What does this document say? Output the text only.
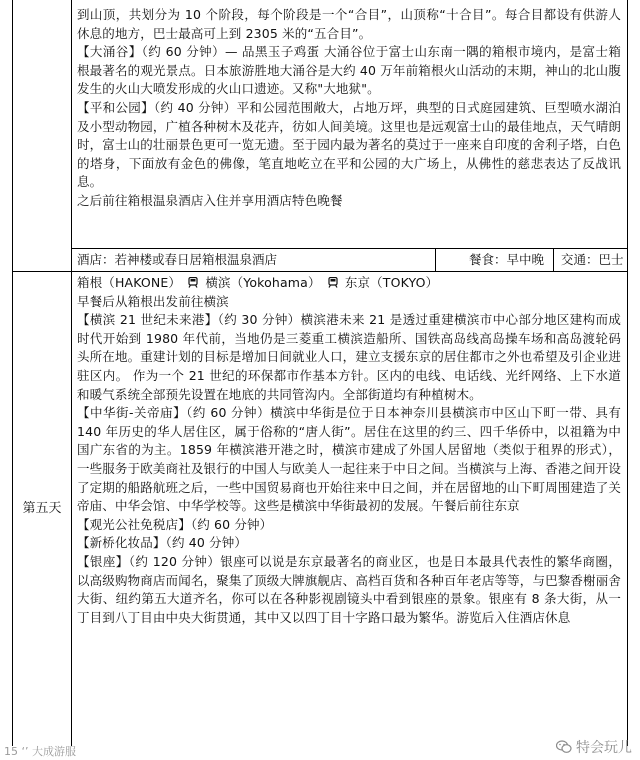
到山顶，共划分为 10 个阶段，每个阶段是一个“合目”，山顶称“十合目”。每合目都设有供游人休息的地方，巴士最高可上到 2305 米的“五合目”。

【大涌谷】（约 60 分钟）— 品黑玉子鸡蛋 大涌谷位于富士山东南一隅的箱根市境内，是富士箱根最著名的观光景点。日本旅游胜地大涌谷是大约 40 万年前箱根火山活动的末期，神山的北山腹发生的火山大喷发形成的火山口遗迹。又称"大地狱"。

【平和公园】（约 40 分钟）平和公园范围敞大，占地万坪，典型的日式庭园建筑、巨型喷水湖泊及小型动物园，广植各种树木及花卉，彷如人间美境。这里也是远观富士山的最佳地点，天气晴朗时，富士山的壮丽景色更可一览无遗。至于园内最为著名的莫过于一座来自印度的舍利子塔，白色的塔身，下面放有金色的佛像，笔直地屹立在平和公园的大广场上，从佛性的慈悲表达了反战讯息。

之后前往箱根温泉酒店入住并享用酒店特色晚餐

酒店：若神楼或春日居箱根温泉酒店	餐食：早中晚 交通：巴士
第五天

箱根（HAKONE） 横滨（Yokohama） 东京（TOKYO）

早餐后从箱根出发前往横滨

【横滨 21 世纪未来港】（约 30 分钟）横滨港未来 21 是透过重建横滨市中心部分地区建构而成时代开始到 1980 年代前，当地仍是三菱重工横滨造船所、国铁高岛线高岛操车场和高岛渡轮码头所在地。重建计划的目标是增加日间就业人口，建立支援东京的居住都市之外也希望及引企业进驻区内。 作为一个 21 世纪的环保都市作基本方针。区内的电线、电话线、光纤网络、上下水道和暖气系统全部预先设置在地底的共同管沟内。全部街道均有种植树木。

【中华街-关帝庙】（约 60 分钟）横滨中华街是位于日本神奈川县横滨市中区山下町一带、具有 140 年历史的华人居住区，属于俗称的“唐人街”。居住在这里的约三、四千华侨中，以祖籍为中国广东省的为主。1859 年横滨港开港之时，横滨市建成了外国人居留地（类似于租界的形式），一些服务于欧美商社及银行的中国人与欧美人一起往来于中日之间。当横滨与上海、香港之间开设了定期的船路航班之后，一些中国贸易商也开始往来中日之间，并在居留地的山下町周围建造了关帝庙、中华会馆、中华学校等。这些是横滨中华街最初的发展。午餐后前往东京

【观光公社免税店】（约 60 分钟）

【新桥化妆品】（约 40 分钟）

【银座】（约 120 分钟）银座可以说是东京最著名的商业区，也是日本最具代表性的繁华商圈，以高级购物商店而闻名，聚集了顶级大牌旗舰店、高档百货和各种百年老店等等，与巴黎香榭丽舍大街、纽约第五大道齐名，你可以在各种影视剧镜头中看到银座的景象。银座有 8 条大街，从一丁目到八丁目由中央大街贯通，其中又以四丁目十字路口最为繁华。游览后入住酒店休息

15 ‘’ 大成游服	特会玩儿
